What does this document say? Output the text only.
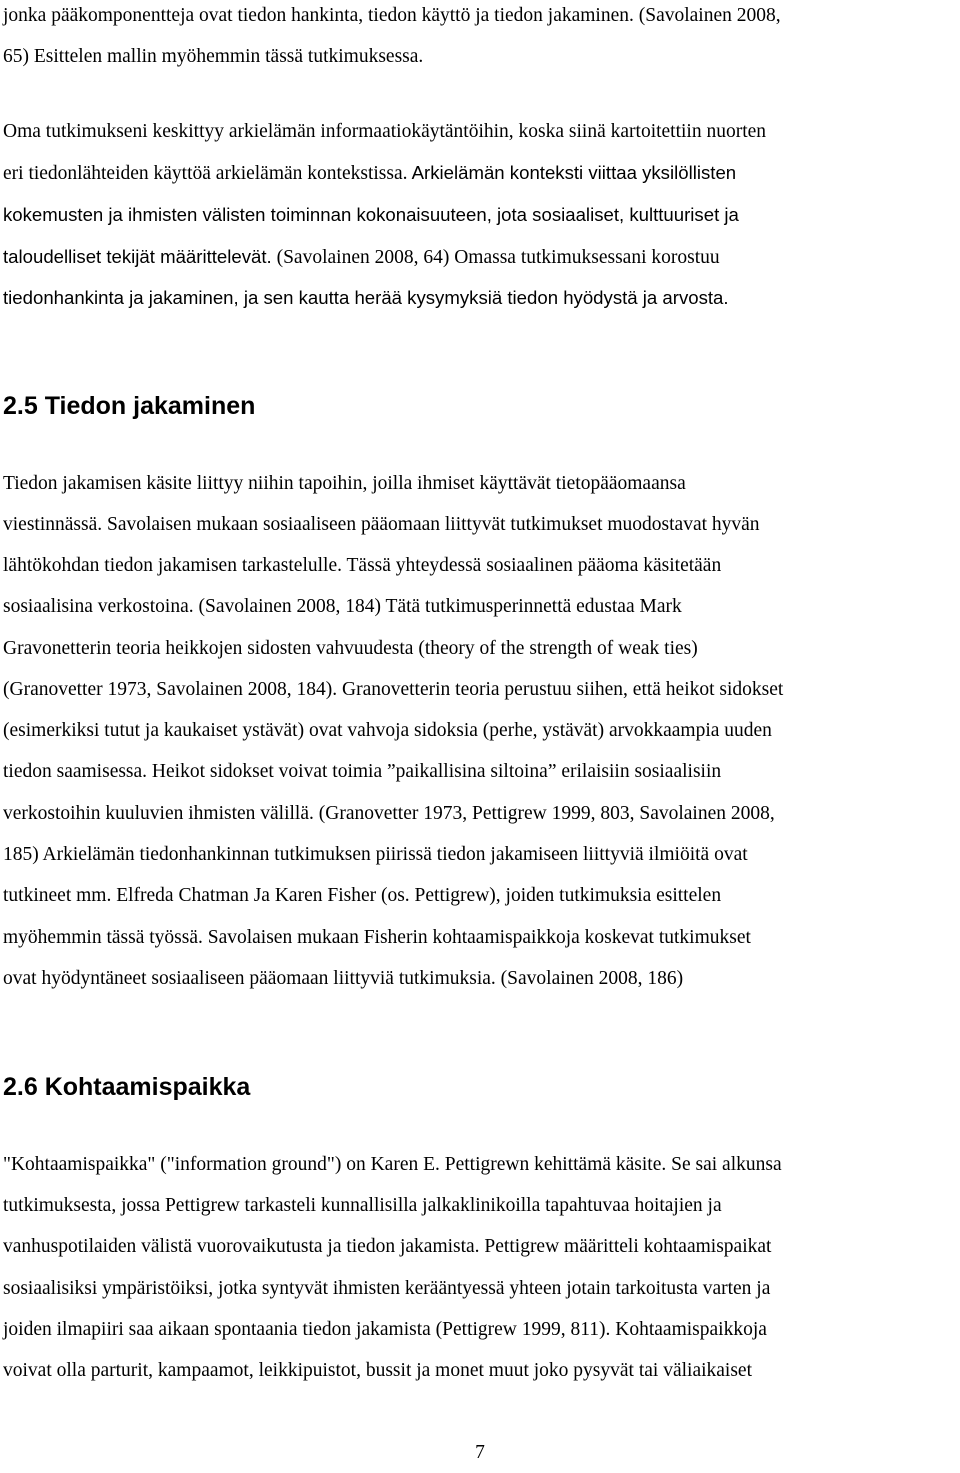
jonka pääkomponentteja ovat tiedon hankinta, tiedon käyttö ja tiedon jakaminen. (Savolainen 2008,
65) Esittelen mallin myöhemmin tässä tutkimuksessa.
Oma tutkimukseni keskittyy arkielämän informaatiokäytäntöihin, koska siinä kartoitettiin nuorten
eri tiedonlähteiden käyttöä arkielämän kontekstissa. Arkielämän konteksti viittaa yksilöllisten
kokemusten ja ihmisten välisten toiminnan kokonaisuuteen, jota sosiaaliset, kulttuuriset ja
taloudelliset tekijät määrittelevät. (Savolainen 2008, 64) Omassa tutkimuksessani korostuu
tiedonhankinta ja jakaminen, ja sen kautta herää kysymyksiä tiedon hyödystä ja arvosta.
2.5 Tiedon jakaminen
Tiedon jakamisen käsite liittyy niihin tapoihin, joilla ihmiset käyttävät tietopääomaansa
viestinnässä. Savolaisen mukaan sosiaaliseen pääomaan liittyvät tutkimukset muodostavat hyvän
lähtökohdan tiedon jakamisen tarkastelulle. Tässä yhteydessä sosiaalinen pääoma käsitetään
sosiaalisina verkostoina. (Savolainen 2008, 184) Tätä tutkimusperinnettä edustaa Mark
Gravonetterin teoria heikkojen sidosten vahvuudesta (theory of the strength of weak ties)
(Granovetter 1973, Savolainen 2008, 184). Granovetterin teoria perustuu siihen, että heikot sidokset
(esimerkiksi tutut ja kaukaiset ystävät) ovat vahvoja sidoksia (perhe, ystävät) arvokkaampia uuden
tiedon saamisessa. Heikot sidokset voivat toimia ”paikallisina siltoina” erilaisiin sosiaalisiin
verkostoihin kuuluvien ihmisten välillä. (Granovetter 1973, Pettigrew 1999, 803, Savolainen 2008,
185) Arkielämän tiedonhankinnan tutkimuksen piirissä tiedon jakamiseen liittyviä ilmiöitä ovat
tutkineet mm. Elfreda Chatman Ja Karen Fisher (os. Pettigrew), joiden tutkimuksia esittelen
myöhemmin tässä työssä. Savolaisen mukaan Fisherin kohtaamispaikkoja koskevat tutkimukset
ovat hyödyntäneet sosiaaliseen pääomaan liittyviä tutkimuksia. (Savolainen 2008, 186)
2.6 Kohtaamispaikka
"Kohtaamispaikka" ("information ground") on Karen E. Pettigrewn kehittämä käsite. Se sai alkunsa
tutkimuksesta, jossa Pettigrew tarkasteli kunnallisilla jalkaklinikoilla tapahtuvaa hoitajien ja
vanhuspotilaiden välistä vuorovaikutusta ja tiedon jakamista. Pettigrew määritteli kohtaamispaikat
sosiaalisiksi ympäristöiksi, jotka syntyvät ihmisten kerääntyessä yhteen jotain tarkoitusta varten ja
joiden ilmapiiri saa aikaan spontaania tiedon jakamista (Pettigrew 1999, 811). Kohtaamispaikkoja
voivat olla parturit, kampaamot, leikkipuistot, bussit ja monet muut joko pysyvät tai väliaikaiset
7
